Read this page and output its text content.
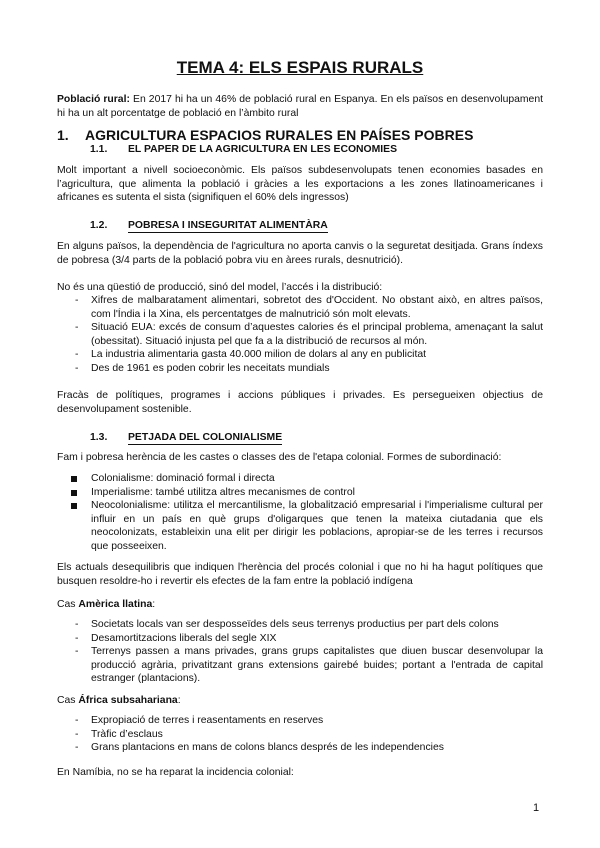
TEMA 4: ELS ESPAIS RURALS
Població rural: En 2017 hi ha un 46% de població rural en Espanya. En els països en desenvolupament hi ha un alt porcentatge de població en l’àmbito rural
1. AGRICULTURA ESPACIOS RURALES EN PAÍSES POBRES
1.1. EL PAPER DE LA AGRICULTURA EN LES ECONOMIES
Molt important a nivell socioeconòmic. Els països subdesenvolupats tenen economies basades en l’agricultura, que alimenta la població i gràcies a les exportacions a les zones llatinoamericanes i africanes es sutenta el sista (signifiquen el 60% dels ingressos)
1.2. POBRESA I INSEGURITAT ALIMENTÀRA
En alguns països, la dependència de l'agricultura no aporta canvis o la seguretat desitjada. Grans índexs de pobresa (3/4 parts de la població pobra viu en àrees rurals, desnutrició).
No és una qüestió de producció, sinó del model, l’accés i la distribució:
- Xifres de malbaratament alimentari, sobretot des d'Occident. No obstant això, en altres països, com l'Índia i la Xina, els percentatges de malnutrició són molt elevats.
- Situació EUA: excés de consum d’aquestes calories és el principal problema, amenaçant la salut (obessitat). Situació injusta pel que fa a la distribució de recursos al món.
- La industria alimentaria gasta 40.000 milion de dolars al any en publicitat
- Des de 1961 es poden cobrir les neceitats mundials
Fracàs de polítiques, programes i accions públiques i privades. Es persegueixen objectius de desenvolupament sostenible.
1.3. PETJADA DEL COLONIALISME
Fam i pobresa herència de les castes o classes des de l'etapa colonial. Formes de subordinació:
Colonialisme: dominació formal i directa
Imperialisme: també utilitza altres mecanismes de control
Neocolonialisme: utilitza el mercantilisme, la globalització empresarial i l'imperialisme cultural per influir en un país en què grups d'oligarques que tenen la mateixa ciutadania que els neocolonizats, estableixin una elit per dirigir les poblacions, apropiar-se de les terres i recursos que posseeixen.
Els actuals desequilibris que indiquen l'herència del procés colonial i que no hi ha hagut polítiques que busquen resoldre-ho i revertir els efectes de la fam entre la població indígena
Cas Amèrica llatina:
- Societats locals van ser desposseïdes dels seus terrenys productius per part dels colons
- Desamortitzacions liberals del segle XIX
- Terrenys passen a mans privades, grans grups capitalistes que diuen buscar desenvolupar la producció agrària, privatitzant grans extensions gairebé buides; portant a l'entrada de capital estranger (plantacions).
Cas África subsahariana:
- Expropiació de terres i reasentaments en reserves
- Tràfic d’esclaus
- Grans plantacions en mans de colons blancs després de les independencies
En Namíbia, no se ha reparat la incidencia colonial:
1
